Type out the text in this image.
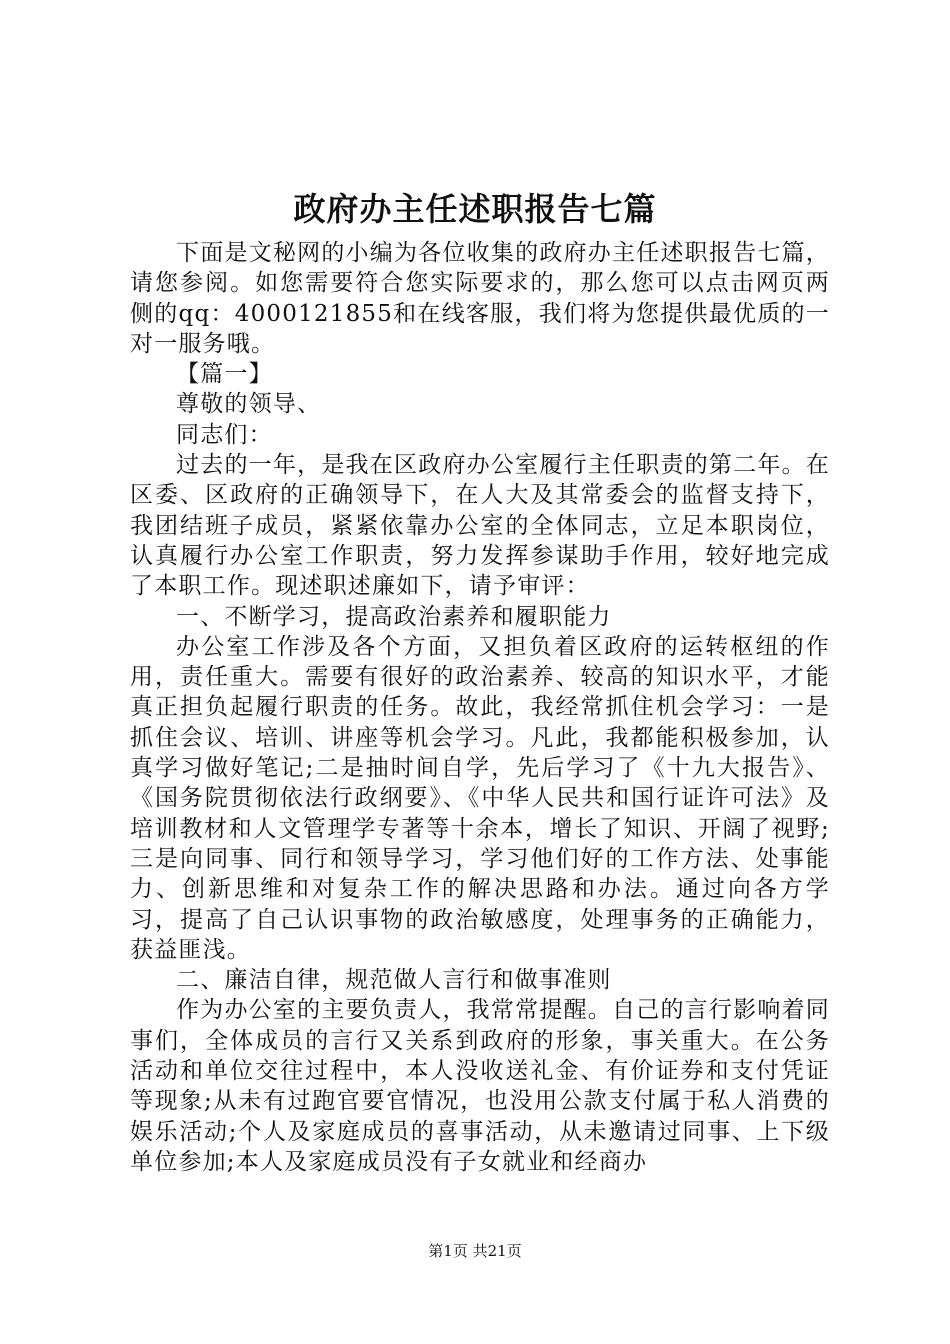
政府办主任述职报告七篇

下面是文秘网的小编为各位收集的政府办主任述职报告七篇，请您参阅。如您需要符合您实际要求的，那么您可以点击网页两侧的qq：4000121855和在线客服，我们将为您提供最优质的一对一服务哦。

【篇一】

尊敬的领导、

同志们：

过去的一年，是我在区政府办公室履行主任职责的第二年。在区委、区政府的正确领导下，在人大及其常委会的监督支持下，我团结班子成员，紧紧依靠办公室的全体同志，立足本职岗位，认真履行办公室工作职责，努力发挥参谋助手作用，较好地完成了本职工作。现述职述廉如下，请予审评：

一、不断学习，提高政治素养和履职能力

办公室工作涉及各个方面，又担负着区政府的运转枢纽的作用，责任重大。需要有很好的政治素养、较高的知识水平，才能真正担负起履行职责的任务。故此，我经常抓住机会学习：一是抓住会议、培训、讲座等机会学习。凡此，我都能积极参加，认真学习做好笔记;二是抽时间自学，先后学习了《十九大报告》、《国务院贯彻依法行政纲要》、《中华人民共和国行证许可法》及培训教材和人文管理学专著等十余本，增长了知识、开阔了视野;三是向同事、同行和领导学习，学习他们好的工作方法、处事能力、创新思维和对复杂工作的解决思路和办法。通过向各方学习，提高了自己认识事物的政治敏感度，处理事务的正确能力，获益匪浅。

二、廉洁自律，规范做人言行和做事准则

作为办公室的主要负责人，我常常提醒。自己的言行影响着同事们，全体成员的言行又关系到政府的形象，事关重大。在公务活动和单位交往过程中，本人没收送礼金、有价证券和支付凭证等现象;从未有过跑官要官情况，也没用公款支付属于私人消费的娱乐活动;个人及家庭成员的喜事活动，从未邀请过同事、上下级单位参加;本人及家庭成员没有子女就业和经商办

第1页 共21页
